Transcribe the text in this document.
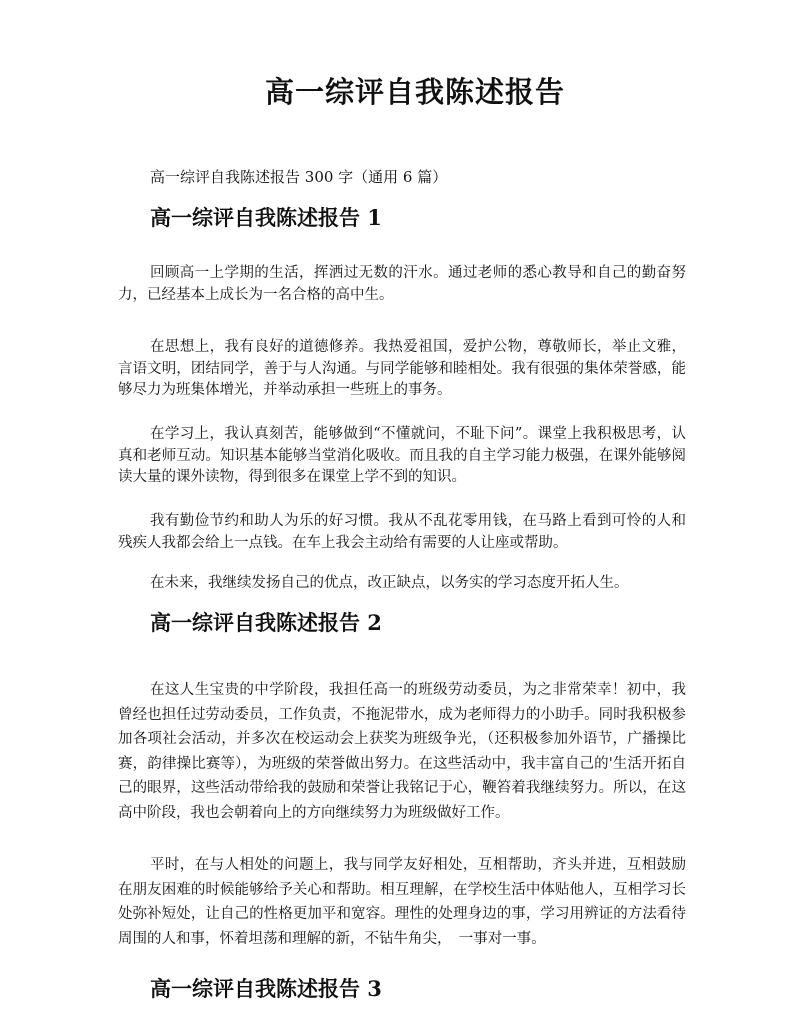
高一综评自我陈述报告

高一综评自我陈述报告 300 字（通用 6 篇）

高一综评自我陈述报告 1

回顾高一上学期的生活，挥洒过无数的汗水。通过老师的悉心教导和自己的勤奋努力，已经基本上成长为一名合格的高中生。

在思想上，我有良好的道德修养。我热爱祖国，爱护公物，尊敬师长，举止文雅，言语文明，团结同学，善于与人沟通。与同学能够和睦相处。我有很强的集体荣誉感，能够尽力为班集体增光，并举动承担一些班上的事务。

在学习上，我认真刻苦，能够做到“不懂就问，不耻下问”。课堂上我积极思考，认真和老师互动。知识基本能够当堂消化吸收。而且我的自主学习能力极强，在课外能够阅读大量的课外读物，得到很多在课堂上学不到的知识。

我有勤俭节约和助人为乐的好习惯。我从不乱花零用钱，在马路上看到可怜的人和残疾人我都会给上一点钱。在车上我会主动给有需要的人让座或帮助。

在未来，我继续发扬自己的优点，改正缺点，以务实的学习态度开拓人生。

高一综评自我陈述报告 2

在这人生宝贵的中学阶段，我担任高一的班级劳动委员，为之非常荣幸！初中，我曾经也担任过劳动委员，工作负责，不拖泥带水，成为老师得力的小助手。同时我积极参加各项社会活动，并多次在校运动会上获奖为班级争光，（还积极参加外语节，广播操比赛，韵律操比赛等），为班级的荣誉做出努力。在这些活动中，我丰富自己的'生活开拓自己的眼界，这些活动带给我的鼓励和荣誉让我铭记于心，鞭笞着我继续努力。所以，在这高中阶段，我也会朝着向上的方向继续努力为班级做好工作。

平时，在与人相处的问题上，我与同学友好相处，互相帮助，齐头并进，互相鼓励在朋友困难的时候能够给予关心和帮助。相互理解，在学校生活中体贴他人，互相学习长处弥补短处，让自己的性格更加平和宽容。理性的处理身边的事，学习用辨证的方法看待周围的人和事，怀着坦荡和理解的新，不钻牛角尖，　一事对一事。

高一综评自我陈述报告 3
